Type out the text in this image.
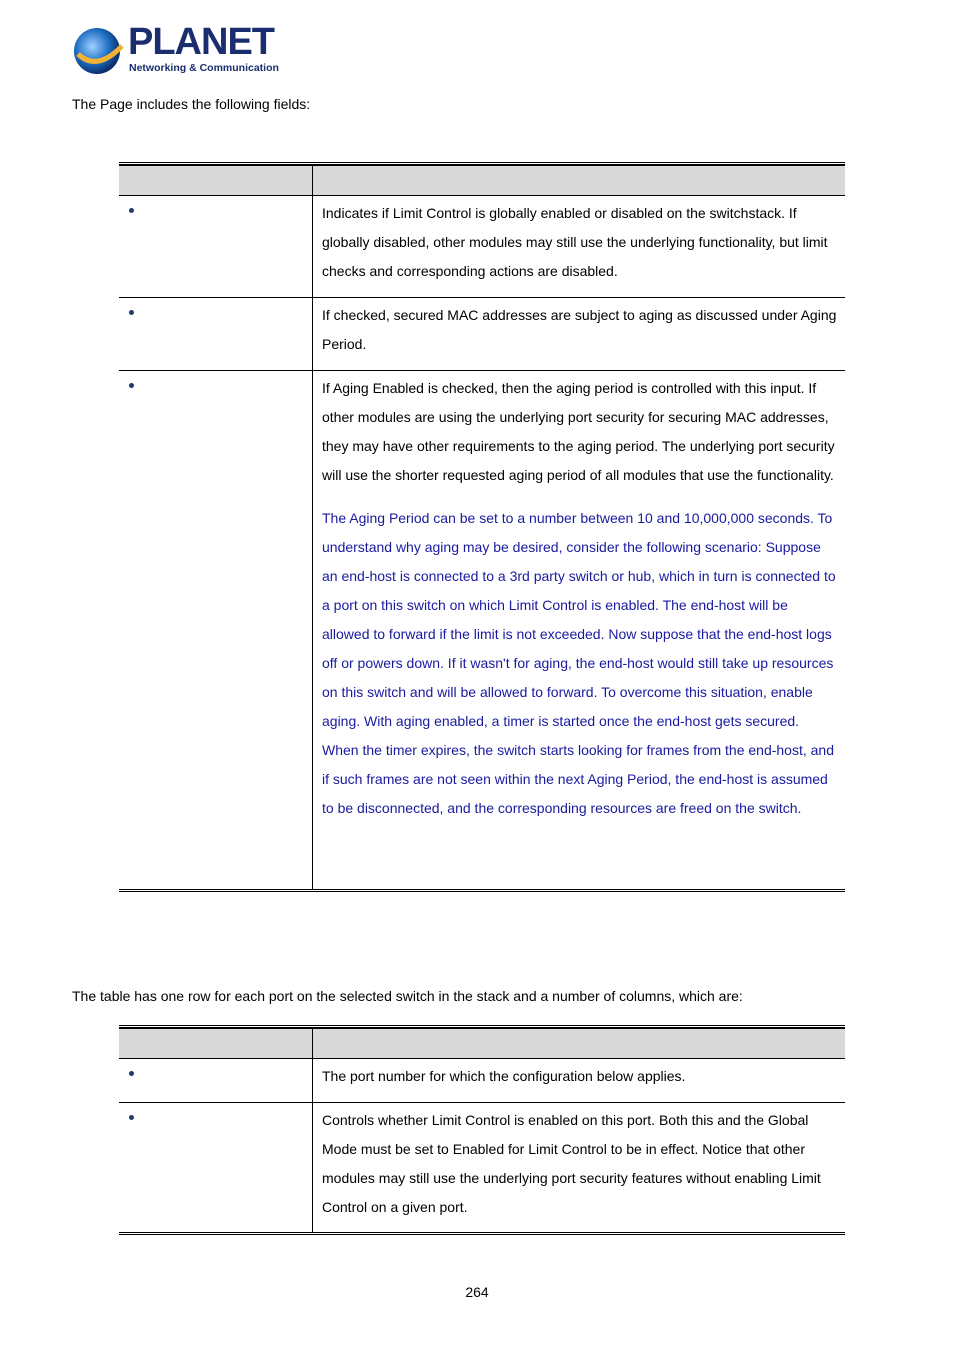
PLANET
Networking & Communication
The Page includes the following fields:
Indicates if Limit Control is globally enabled or disabled on the switchstack. If globally disabled, other modules may still use the underlying functionality, but limit checks and corresponding actions are disabled.
If checked, secured MAC addresses are subject to aging as discussed under Aging Period.
If Aging Enabled is checked, then the aging period is controlled with this input. If other modules are using the underlying port security for securing MAC addresses, they may have other requirements to the aging period. The underlying port security will use the shorter requested aging period of all modules that use the functionality.
The Aging Period can be set to a number between 10 and 10,000,000 seconds. To understand why aging may be desired, consider the following scenario: Suppose an end-host is connected to a 3rd party switch or hub, which in turn is connected to a port on this switch on which Limit Control is enabled. The end-host will be allowed to forward if the limit is not exceeded. Now suppose that the end-host logs off or powers down. If it wasn't for aging, the end-host would still take up resources on this switch and will be allowed to forward. To overcome this situation, enable aging. With aging enabled, a timer is started once the end-host gets secured. When the timer expires, the switch starts looking for frames from the end-host, and if such frames are not seen within the next Aging Period, the end-host is assumed to be disconnected, and the corresponding resources are freed on the switch.
The table has one row for each port on the selected switch in the stack and a number of columns, which are:
The port number for which the configuration below applies.
Controls whether Limit Control is enabled on this port. Both this and the Global Mode must be set to Enabled for Limit Control to be in effect. Notice that other modules may still use the underlying port security features without enabling Limit Control on a given port.
264
